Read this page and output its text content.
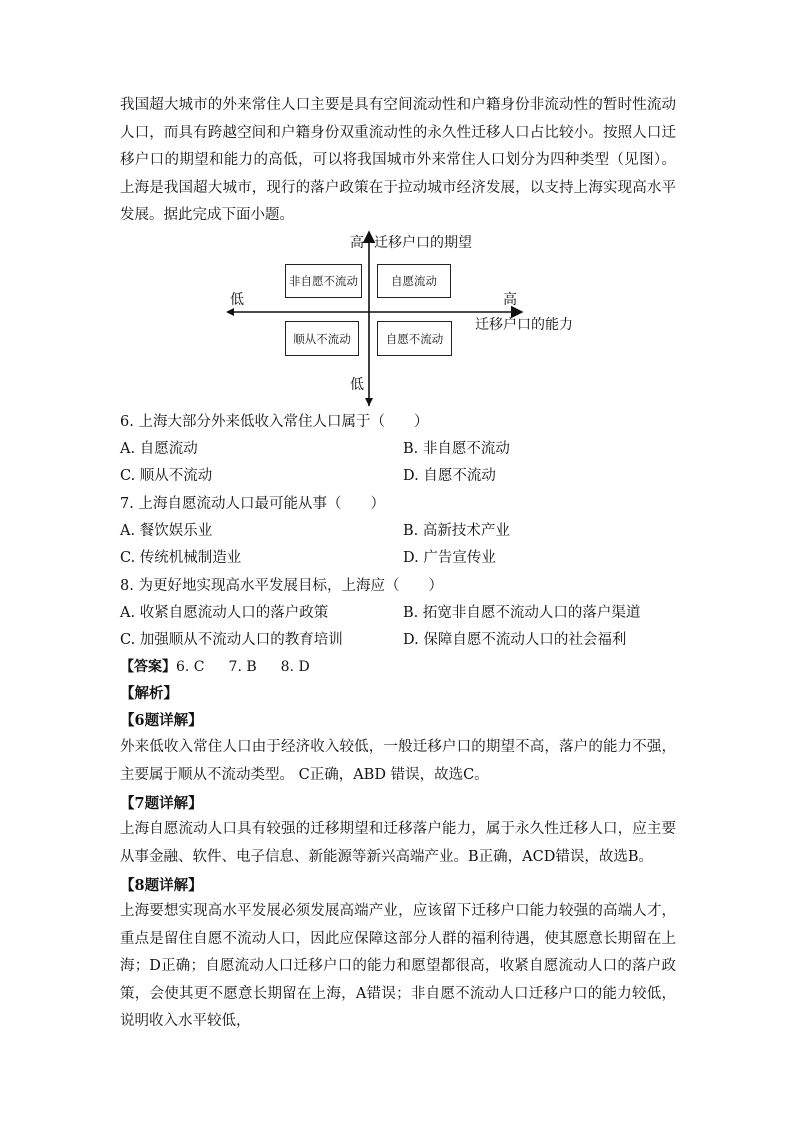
我国超大城市的外来常住人口主要是具有空间流动性和户籍身份非流动性的暂时性流动人口，而具有跨越空间和户籍身份双重流动性的永久性迁移人口占比较小。按照人口迁移户口的期望和能力的高低，可以将我国城市外来常住人口划分为四种类型（见图）。上海是我国超大城市，现行的落户政策在于拉动城市经济发展，以支持上海实现高水平发展。据此完成下面小题。

高 迁移户口的期望
低	高
迁移户口的能力
低
非自愿不流动	自愿流动
顺从不流动	自愿不流动
6. 上海大部分外来低收入常住人口属于（　　）
A. 自愿流动	B. 非自愿不流动
C. 顺从不流动	D. 自愿不流动
7. 上海自愿流动人口最可能从事（　　）
A. 餐饮娱乐业	B. 高新技术产业
C. 传统机械制造业	D. 广告宣传业
8. 为更好地实现高水平发展目标，上海应（　　）
A. 收紧自愿流动人口的落户政策	B. 拓宽非自愿不流动人口的落户渠道
C. 加强顺从不流动人口的教育培训	D. 保障自愿不流动人口的社会福利
【答案】6. C 7. B 8. D
【解析】
【6题详解】

外来低收入常住人口由于经济收入较低，一般迁移户口的期望不高，落户的能力不强，主要属于顺从不流动类型。 C正确，ABD 错误，故选C。

【7题详解】

上海自愿流动人口具有较强的迁移期望和迁移落户能力，属于永久性迁移人口，应主要从事金融、软件、电子信息、新能源等新兴高端产业。B正确，ACD错误，故选B。

【8题详解】

上海要想实现高水平发展必须发展高端产业，应该留下迁移户口能力较强的高端人才，重点是留住自愿不流动人口，因此应保障这部分人群的福利待遇，使其愿意长期留在上海；D正确；自愿流动人口迁移户口的能力和愿望都很高，收紧自愿流动人口的落户政策，会使其更不愿意长期留在上海，A错误；非自愿不流动人口迁移户口的能力较低，说明收入水平较低，
